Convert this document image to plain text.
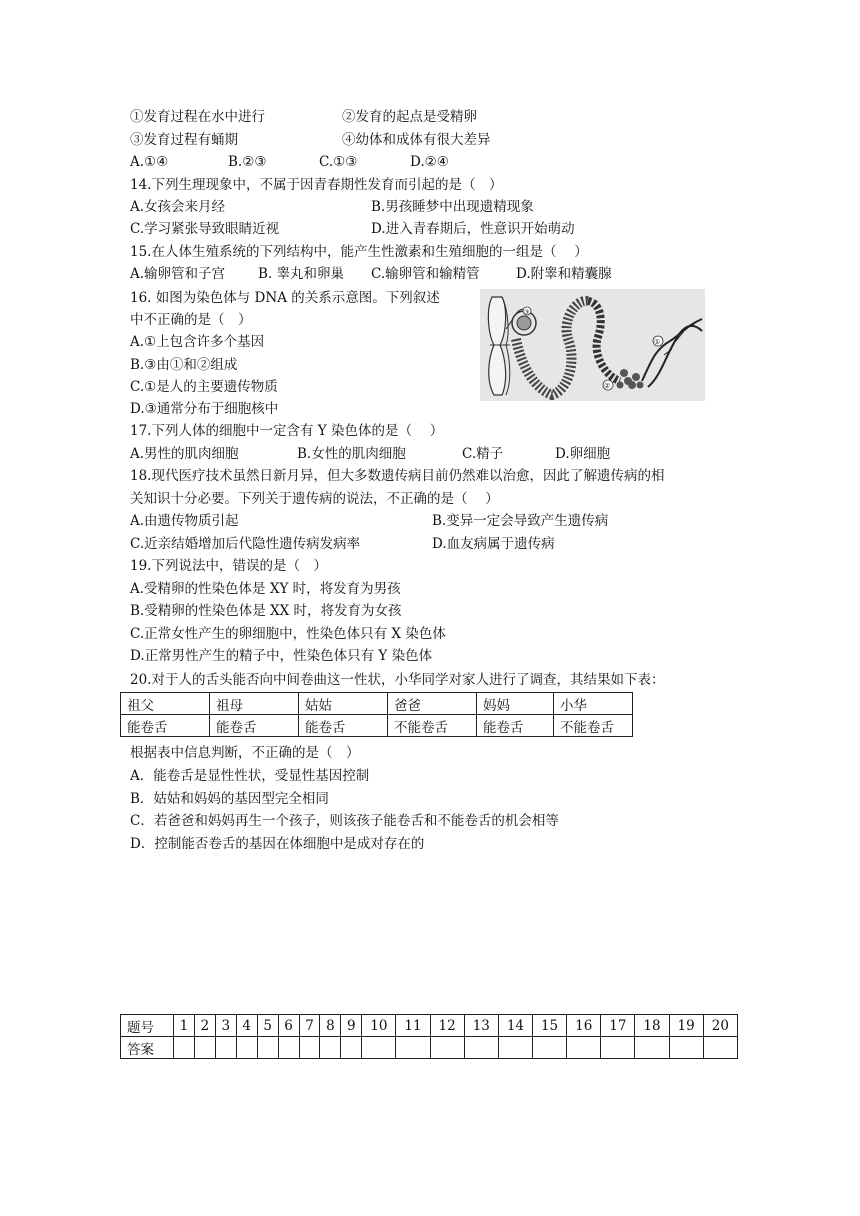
①发育过程在水中进行	②发育的起点是受精卵
③发育过程有蛹期	④幼体和成体有很大差异
A.①④	B.②③	C.①③	D.②④
14.下列生理现象中，不属于因青春期性发育而引起的是（　）
A.女孩会来月经	B.男孩睡梦中出现遗精现象
C.学习紧张导致眼睛近视	D.进入青春期后，性意识开始萌动
15.在人体生殖系统的下列结构中，能产生性激素和生殖细胞的一组是（　 ）
A.输卵管和子宫 B. 睾丸和卵巢 C.输卵管和输精管	D.附睾和精囊腺
16. 如图为染色体与 DNA 的关系示意图。下列叙述
中不正确的是（　）
A.①上包含许多个基因
B.③由①和②组成
C.①是人的主要遗传物质
D.③通常分布于细胞核中
③
②
①
17.下列人体的细胞中一定含有 Y 染色体的是（　 ）
A.男性的肌肉细胞	B.女性的肌肉细胞	C.精子	D.卵细胞
18.现代医疗技术虽然日新月异，但大多数遗传病目前仍然难以治愈，因此了解遗传病的相
关知识十分必要。下列关于遗传病的说法，不正确的是（　 ）
A.由遗传物质引起	B.变异一定会导致产生遗传病
C.近亲结婚增加后代隐性遗传病发病率	D.血友病属于遗传病
19.下列说法中，错误的是（　）
A.受精卵的性染色体是 XY 时，将发育为男孩
B.受精卵的性染色体是 XX 时，将发育为女孩
C.正常女性产生的卵细胞中，性染色体只有 X 染色体
D.正常男性产生的精子中，性染色体只有 Y 染色体
20.对于人的舌头能否向中间卷曲这一性状，小华同学对家人进行了调查，其结果如下表：
祖父	祖母	姑姑	爸爸	妈妈	小华
能卷舌	能卷舌	能卷舌	不能卷舌	能卷舌	不能卷舌
根据表中信息判断，不正确的是（　）
A．能卷舌是显性性状，受显性基因控制
B．姑姑和妈妈的基因型完全相同
C．若爸爸和妈妈再生一个孩子，则该孩子能卷舌和不能卷舌的机会相等
D．控制能否卷舌的基因在体细胞中是成对存在的
题号	1	2	3	4	5	6	7	8	9	10	11	12	13	14	15	16	17	18	19	20
答案																				
